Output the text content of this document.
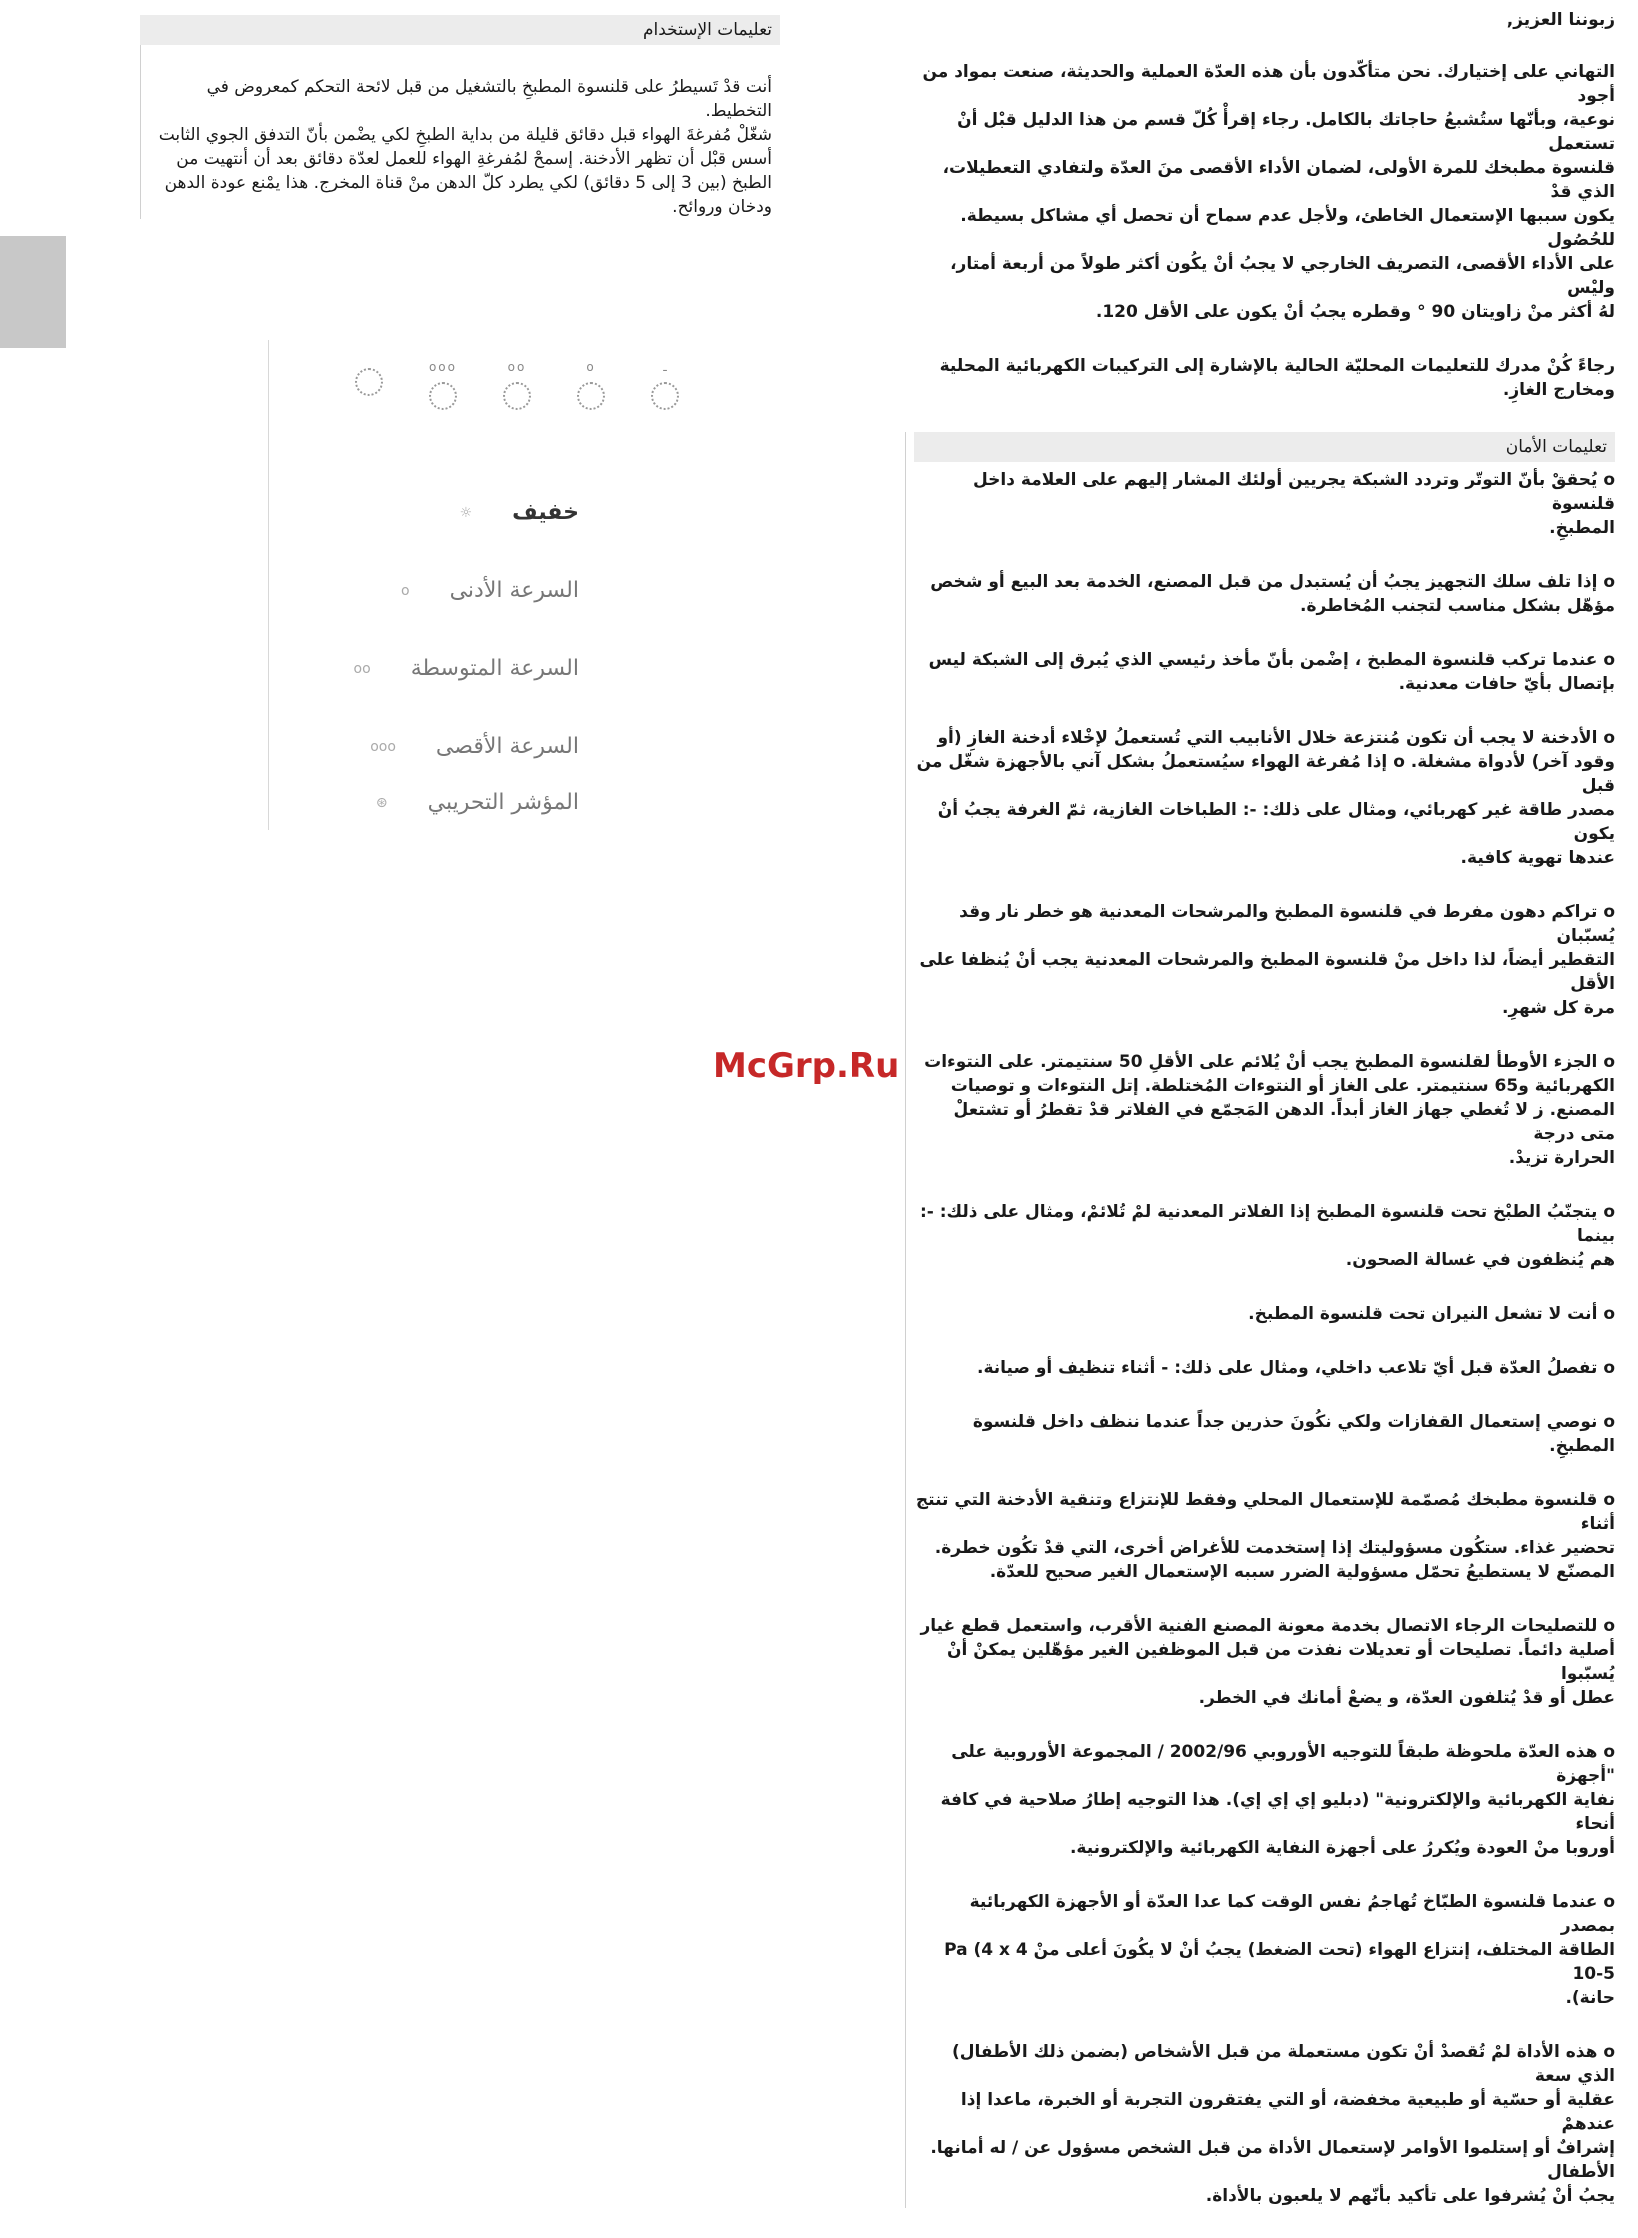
تعليمات الإستخدام

أنت قدْ تَسيطرُ على قلنسوة المطبخِ بالتشغيل من قبل لائحة التحكم كمعروض في التخطيط.
شغّلْ مُفرغةَ الهواء قبل دقائق قليلة من بداية الطبخِ لكي يضْمن بأنّ التدفق الجوي الثابت
أسس قبْل أن تظهر الأدخنة. إسمحْ لمُفرغةِ الهواء للعمل لعدّة دقائق بعد أن أنتهيت من

الطبخ (بين 3 إلى 5 دقائق) لكي يطرد كلّ الدهن منْ قناة المخرج. هذا يمْنع عودة الدهن
ودخان وروائح.

ـ
o
oo
ooo
خفيف
☼
السرعة الأدنى
o
السرعة المتوسطة
oo
السرعة الأقصى
ooo
المؤشر التحريبي
⊛
زبوننا العزيز,

التهاني على إختيارك. نحن متأكّدون بأن هذه العدّة العملية والحديثة، صنعت بمواد من أجود
نوعية، وبأنّها ستُشبعُ حاجاتك بالكامل. رجاء إقرأْ كُلّ قسم من هذا الدليل قبْل أنْ تستعمل
قلنسوة مطبخك للمرة الأولى، لضمان الأداء الأقصى منَ العدّة ولتفادي التعطيلات، الذي قدْ
يكون سببها الإستعمال الخاطئ، ولأجل عدم سماح أن تحصل أي مشاكل بسيطة. للحُصُول
على الأداء الأقصى، التصريف الخارجي لا يجبُ أنْ يكُون أكثر طولاً من أربعة أمتار، وليْس
لهُ أكثر منْ زاويتان 90 ° وقطره يجبُ أنْ يكون على الأقل 120.

رجاءً كُنْ مدرك للتعليمات المحليّة الحالية بالإشارة إلى التركيبات الكهربائية المحلية
ومخارج الغازِ.

تعليمات الأمان

o يُحققْ بأنّ التوتّر وتردد الشبكة يجريين أولئك المشار إليهم على العلامة داخل قلنسوة
المطبخِ.

o إذا تلف سلك التجهيز يجبُ أن يُستبدل من قبل المصنع، الخدمة بعد البيع أو شخص
مؤهّل بشكل مناسب لتجنب المُخاطرة.

o عندما تركب قلنسوة المطبخ ، إضْمن بأنّ مأخذ رئيسي الذي يُبرق إلى الشبكة ليس
بإتصال بأيّ حافات معدنية.

o الأدخنة لا يجب أن تكون مُنتزعة خلال الأنابيب التي تُستعملُ لإخْلاء أدخنة الغازِ (أو
وقود آخر) لأدواة مشغلة. o إذا مُفرغة الهواء سيُستعملُ بشكل آني بالأجهزة شغّل من قبل
مصدر طاقة غير كهربائي، ومثال على ذلك: -: الطباخات الغازية، ثمّ الغرفة يجبُ أنْ يكون
عندها تهوية كافية.

o تراكم دهون مفرط في قلنسوة المطبخ والمرشحات المعدنية هو خطر نار وقد يُسبّبان
التقطير أيضاً، لذا داخل منْ قلنسوة المطبخ والمرشحات المعدنية يجب أنْ يُنظفا على الأقل
مرة كل شهرِ.

o الجزء الأوطأ لقلنسوة المطبخ يجب أنْ يُلائم على الأقلِ 50 سنتيمتر. على النتوءات
الكهربائية و65 سنتيمتر. على الغاز أو النتوءات المُختلطة. إتل النتوءات و توصيات
المصنع. ز لا تُغطي جهاز الغاز أبداً. الدهن المَجمّع في الفلاتر قدْ تقطرُ أو تشتعلْ متى درجة
الحرارة تزيدْ.

o يتجنّبُ الطبْخ تحت قلنسوة المطبخ إذا الفلاتر المعدنية لمْ تُلائمْ، ومثال على ذلك: -: بينما
هم يُنظفون في غسالة الصحون.

o أنت لا تشعل النيران تحت قلنسوة المطبخ.

o تفصلُ العدّة قبل أيّ تلاعب داخلي، ومثال على ذلك: - أثناء تنظيف أو صيانة.

o نوصي إستعمال القفازات ولكي نكُونَ حذرين جداً عندما ننظف داخل قلنسوة المطبخِ.

o قلنسوة مطبخك مُصمّمة للإستعمال المحلي وفقط للإنتزاع وتنقية الأدخنة التي تنتج أثناء
تحضير غذاء. ستكُون مسؤوليتك إذا إستخدمت للأغراض أخرى، التي قدْ تكُون خطرة.
المصنّع لا يستطيعُ تحمّل مسؤولية الضرر سببه الإستعمال الغير صحيح للعدّة.

o للتصليحات الرجاء الاتصال بخدمة معونة المصنع الفنية الأقرب، واستعمل قطع غيار
أصلية دائماً. تصليحات أو تعديلات نفذت من قبل الموظفين الغير مؤهّلين يمكنْ أنْ يُسبّبوا
عطل أو قدْ يُتلفون العدّة، و يضعْ أمانك في الخطر.

o هذه العدّة ملحوظة طبقاً للتوجيه الأوروبي 2002/96 / المجموعة الأوروبية على "أجهزة
نفاية الكهربائية والإلكترونية" (دبليو إي إي إي). هذا التوجيه إطارُ صلاحية في كافة أنحاء
أوروبا منْ العودة ويُكررُ على أجهزة النفاية الكهربائية والإلكترونية.

o عندما قلنسوة الطبّاخ تُهاجمُ نفس الوقت كما عدا العدّة أو الأجهزة الكهربائية بمصدر
الطاقة المختلف، إنتزاع الهواء (تحت الضغط) يجبُ أنْ لا يكُونَ أعلى منْ 4 Pa (4 x 10-5
حانة).

o هذه الأداة لمْ تُقصدْ أنْ تكون مستعملة من قبل الأشخاص (بضمن ذلك الأطفال) الذي سعة
عقلية أو حسّية أو طبيعية مخفضة، أو التي يفتقرون التجربة أو الخبرة، ماعدا إذا عندهمْ
إشرافٌ أو إستلموا الأوامر لإستعمال الأداة من قبل الشخص مسؤول عن / له أمانها. الأطفال
يجبُ أنْ يُشرفوا على تأكيد بأنّهم لا يلعبون بالأداة.

McGrp.Ru
